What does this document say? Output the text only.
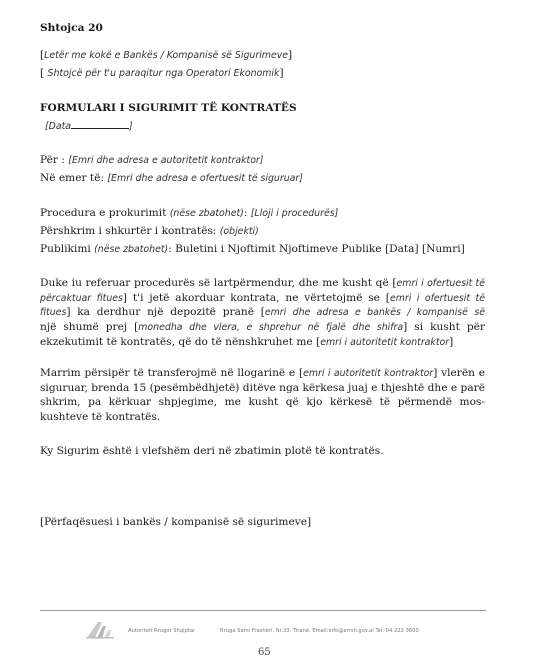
Shtojca 20
[Letër me kokë e Bankës / Kompanisë së Sigurimeve]
[ Shtojcë për t'u paraqitur nga Operatori Ekonomik]
FORMULARI I SIGURIMIT TË KONTRATËS
[Data	]
Për : [Emri dhe adresa e autoritetit kontraktor]
Në emer të: [Emri dhe adresa e ofertuesit të siguruar]
Procedura e prokurimit (nëse zbatohet): [Lloji i procedurës]
Përshkrim i shkurtër i kontratës: (objekti)
Publikimi (nëse zbatohet): Buletini i Njoftimit Njoftimeve Publike [Data] [Numri]
Duke iu referuar procedurës së lartpërmendur, dhe me kusht që [emri i ofertuesit të
përcaktuar fitues] t'i jetë akorduar kontrata, ne vërtetojmë se [emri i ofertuesit të
fitues] ka derdhur një depozitë pranë [emri dhe adresa e bankës / kompanisë së
një shumë prej [monedha dhe vlera, e shprehur në fjalë dhe shifra] si kusht për
ekzekutimit të kontratës, që do të nënshkruhet me [emri i autoritetit kontraktor]
Marrim përsipër të transferojmë në llogarinë e [emri i autoritetit kontraktor] vlerën e
siguruar, brenda 15 (pesëmbëdhjetë) ditëve nga kërkesa juaj e thjeshtë dhe e parë
shkrim, pa kërkuar shpjegime, me kusht që kjo kërkesë të përmendë mos-
kushteve të kontratës.
Ky Sigurim është i vlefshëm deri në zbatimin plotë të kontratës.
[Përfaqësuesi i bankës / kompanisë së sigurimeve]
Autoriteti Rrugor Shqiptar	Rruga Sami Frashëri, Nr.33, Tiranë, Email:info@arrsh.gov.al Tel: 04 222 3600
65
